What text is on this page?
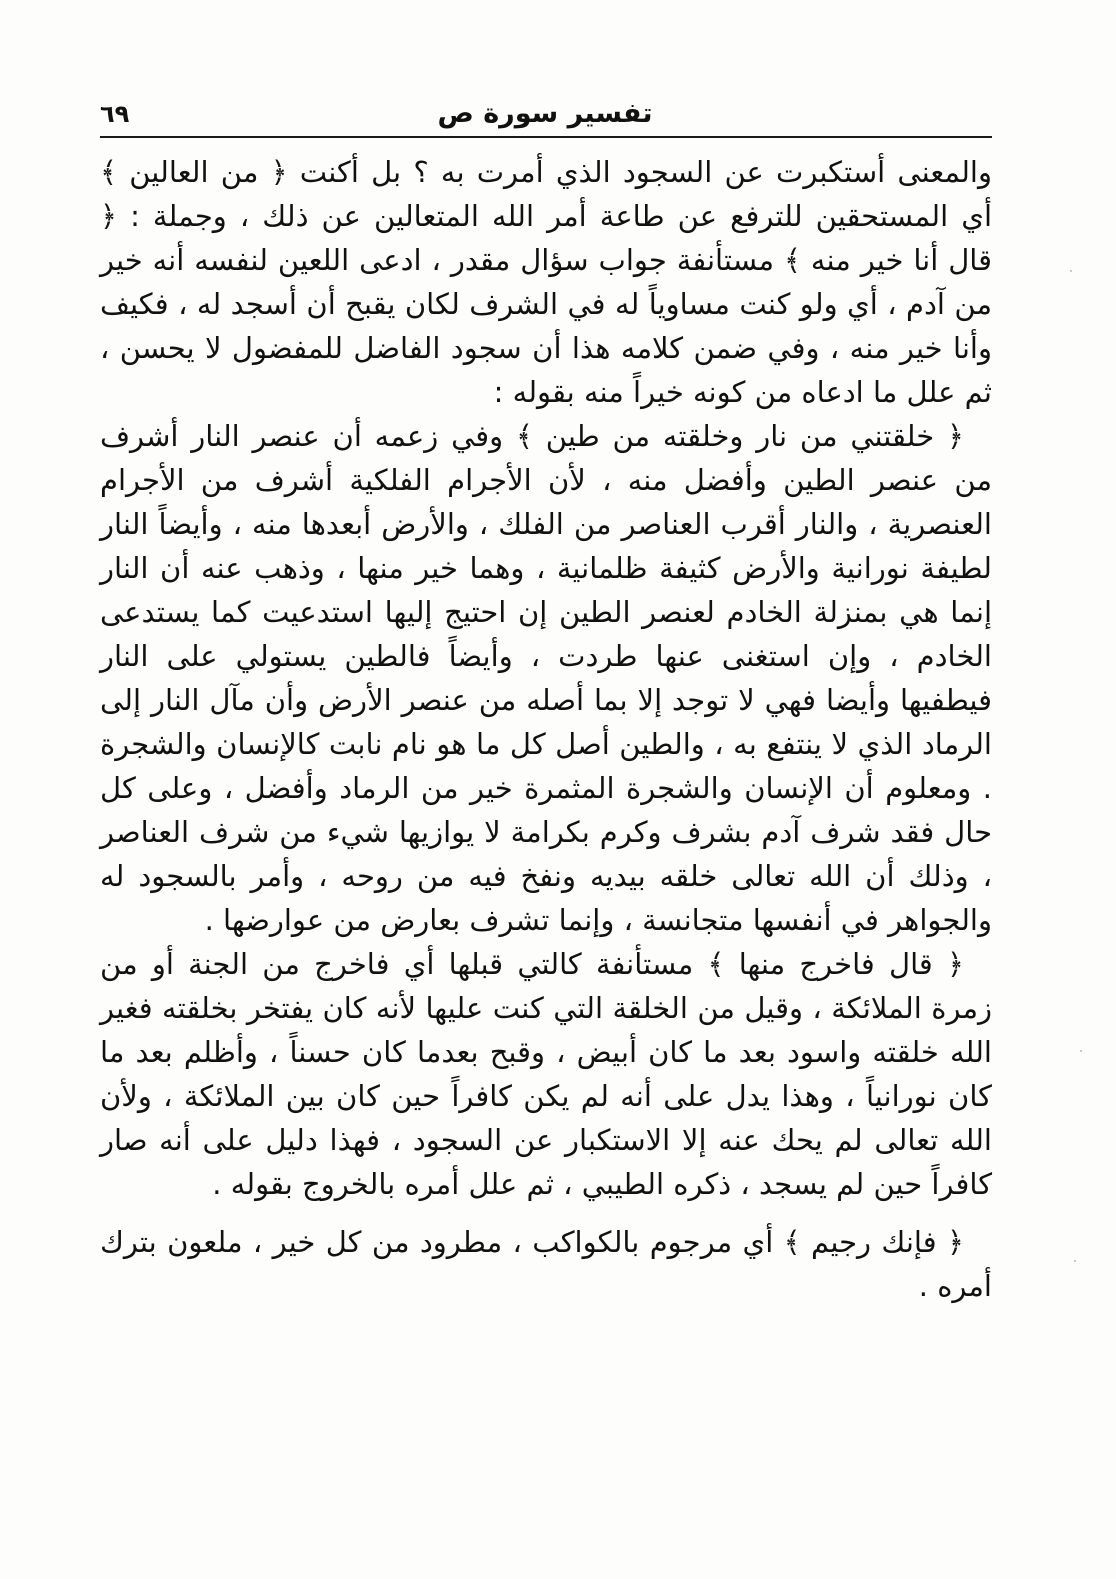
تفسير سورة ص
٦٩

والمعنى أستكبرت عن السجود الذي أمرت به ؟ بل أكنت ﴿ من العالين ﴾ أي المستحقين للترفع عن طاعة أمر الله المتعالين عن ذلك ، وجملة : ﴿ قال أنا خير منه ﴾ مستأنفة جواب سؤال مقدر ، ادعى اللعين لنفسه أنه خير من آدم ، أي ولو كنت مساوياً له في الشرف لكان يقبح أن أسجد له ، فكيف وأنا خير منه ، وفي ضمن كلامه هذا أن سجود الفاضل للمفضول لا يحسن ، ثم علل ما ادعاه من كونه خيراً منه بقوله :

﴿ خلقتني من نار وخلقته من طين ﴾ وفي زعمه أن عنصر النار أشرف من عنصر الطين وأفضل منه ، لأن الأجرام الفلكية أشرف من الأجرام العنصرية ، والنار أقرب العناصر من الفلك ، والأرض أبعدها منه ، وأيضاً النار لطيفة نورانية والأرض كثيفة ظلمانية ، وهما خير منها ، وذهب عنه أن النار إنما هي بمنزلة الخادم لعنصر الطين إن احتيج إليها استدعيت كما يستدعى الخادم ، وإن استغنى عنها طردت ، وأيضاً فالطين يستولي على النار فيطفيها وأيضا فهي لا توجد إلا بما أصله من عنصر الأرض وأن مآل النار إلى الرماد الذي لا ينتفع به ، والطين أصل كل ما هو نام نابت كالإنسان والشجرة . ومعلوم أن الإنسان والشجرة المثمرة خير من الرماد وأفضل ، وعلى كل حال فقد شرف آدم بشرف وكرم بكرامة لا يوازيها شيء من شرف العناصر ، وذلك أن الله تعالى خلقه بيديه ونفخ فيه من روحه ، وأمر بالسجود له والجواهر في أنفسها متجانسة ، وإنما تشرف بعارض من عوارضها .

﴿ قال فاخرج منها ﴾ مستأنفة كالتي قبلها أي فاخرج من الجنة أو من زمرة الملائكة ، وقيل من الخلقة التي كنت عليها لأنه كان يفتخر بخلقته فغير الله خلقته واسود بعد ما كان أبيض ، وقبح بعدما كان حسناً ، وأظلم بعد ما كان نورانياً ، وهذا يدل على أنه لم يكن كافراً حين كان بين الملائكة ، ولأن الله تعالى لم يحك عنه إلا الاستكبار عن السجود ، فهذا دليل على أنه صار كافراً حين لم يسجد ، ذكره الطيبي ، ثم علل أمره بالخروج بقوله .

﴿ فإنك رجيم ﴾ أي مرجوم بالكواكب ، مطرود من كل خير ، ملعون بترك أمره .
